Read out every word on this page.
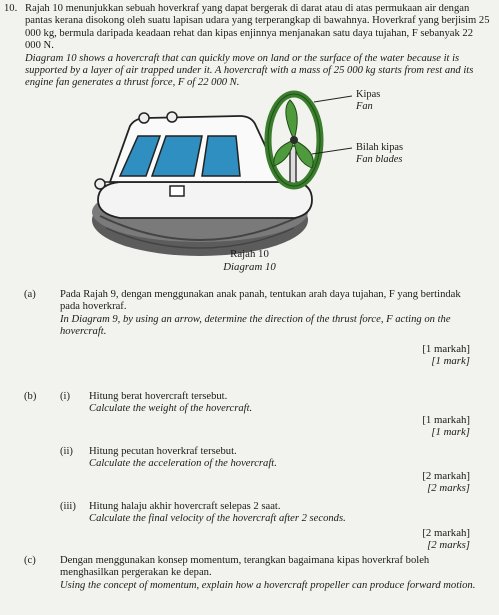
10. Rajah 10 menunjukkan sebuah hoverkraf yang dapat bergerak di darat atau di atas permukaan air dengan pantas kerana disokong oleh suatu lapisan udara yang terperangkap di bawahnya. Hoverkraf yang berjisim 25 000 kg, bermula daripada keadaan rehat dan kipas enjinnya menjanakan satu daya tujahan, F sebanyak 22 000 N.
Diagram 10 shows a hovercraft that can quickly move on land or the surface of the water because it is supported by a layer of air trapped under it. A hovercraft with a mass of 25 000 kg starts from rest and its engine fan generates a thrust force, F of 22 000 N.
Kipas
Fan
Bilah kipas
Fan blades
Rajah 10
Diagram 10
(a) Pada Rajah 9, dengan menggunakan anak panah, tentukan arah daya tujahan, F yang bertindak pada hoverkraf.
In Diagram 9, by using an arrow, determine the direction of the thrust force, F acting on the hovercraft.
[1 markah]
[1 mark]
(b) (i) Hitung berat hovercraft tersebut.
Calculate the weight of the hovercraft.
[1 markah]
[1 mark]
(ii) Hitung pecutan hoverkraf tersebut.
Calculate the acceleration of the hovercraft.
[2 markah]
[2 marks]
(iii) Hitung halaju akhir hovercraft selepas 2 saat.
Calculate the final velocity of the hovercraft after 2 seconds.
[2 markah]
[2 marks]
(c) Dengan menggunakan konsep momentum, terangkan bagaimana kipas hoverkraf boleh menghasilkan pergerakan ke depan.
Using the concept of momentum, explain how a hovercraft propeller can produce forward motion.
